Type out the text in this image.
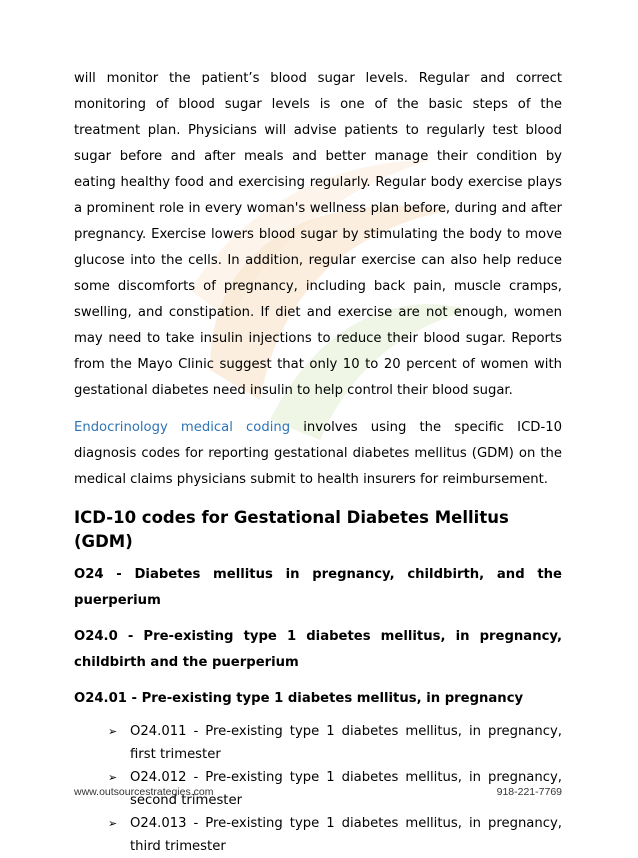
will monitor the patient’s blood sugar levels. Regular and correct monitoring of blood sugar levels is one of the basic steps of the treatment plan. Physicians will advise patients to regularly test blood sugar before and after meals and better manage their condition by eating healthy food and exercising regularly. Regular body exercise plays a prominent role in every woman's wellness plan before, during and after pregnancy. Exercise lowers blood sugar by stimulating the body to move glucose into the cells. In addition, regular exercise can also help reduce some discomforts of pregnancy, including back pain, muscle cramps, swelling, and constipation. If diet and exercise are not enough, women may need to take insulin injections to reduce their blood sugar. Reports from the Mayo Clinic suggest that only 10 to 20 percent of women with gestational diabetes need insulin to help control their blood sugar.

Endocrinology medical coding involves using the specific ICD-10 diagnosis codes for reporting gestational diabetes mellitus (GDM) on the medical claims physicians submit to health insurers for reimbursement.

ICD-10 codes for Gestational Diabetes Mellitus (GDM)
O24 - Diabetes mellitus in pregnancy, childbirth, and the puerperium
O24.0 - Pre-existing type 1 diabetes mellitus, in pregnancy, childbirth and the puerperium
O24.01 - Pre-existing type 1 diabetes mellitus, in pregnancy
➢ O24.011 - Pre-existing type 1 diabetes mellitus, in pregnancy, first trimester
➢ O24.012 - Pre-existing type 1 diabetes mellitus, in pregnancy, second trimester
➢ O24.013 - Pre-existing type 1 diabetes mellitus, in pregnancy, third trimester
www.outsourcestrategies.com	918-221-7769
